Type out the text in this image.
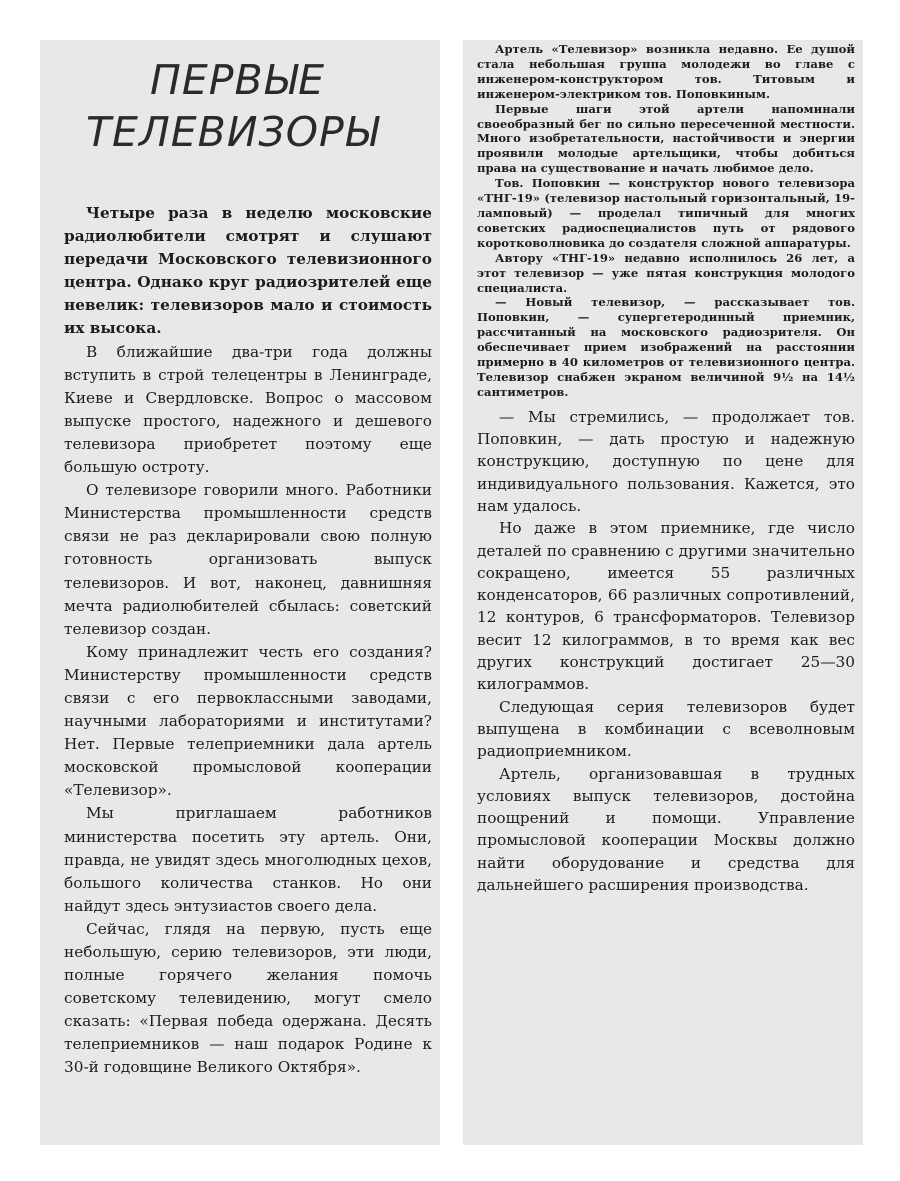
ПЕРВЫЕ
ТЕЛЕВИЗОРЫ

Четыре раза в неделю московские радиолюбители смотрят и слушают передачи Московского телевизионного центра. Однако круг радиозрителей еще невелик: телевизоров мало и стоимость их высока.

В ближайшие два-три года должны вступить в строй телецентры в Ленинграде, Киеве и Свердловске. Вопрос о массовом выпуске простого, надежного и дешевого телевизора приобретет поэтому еще большую остроту.

О телевизоре говорили много. Работники Министерства промышленности средств связи не раз декларировали свою полную готовность организовать выпуск телевизоров. И вот, наконец, давнишняя мечта радиолюбителей сбылась: советский телевизор создан.

Кому принадлежит честь его создания? Министерству промышленности средств связи с его первоклассными заводами, научными лабораториями и институтами? Нет. Первые телеприемники дала артель московской промысловой кооперации «Телевизор».

Мы приглашаем работников министерства посетить эту артель. Они, правда, не увидят здесь многолюдных цехов, большого количества станков. Но они найдут здесь энтузиастов своего дела.

Сейчас, глядя на первую, пусть еще небольшую, серию телевизоров, эти люди, полные горячего желания помочь советскому телевидению, могут смело сказать: «Первая победа одержана. Десять телеприемников — наш подарок Родине к 30-й годовщине Великого Октября».

Артель «Телевизор» возникла недавно. Ее душой стала небольшая группа молодежи во главе с инженером-конструктором тов. Титовым и инженером-электриком тов. Поповкиным.

Первые шаги этой артели напоминали своеобразный бег по сильно пересеченной местности. Много изобретательности, настойчивости и энергии проявили молодые артельщики, чтобы добиться права на существование и начать любимое дело.

Тов. Поповкин — конструктор нового телевизора «ТНГ-19» (телевизор настольный горизонтальный, 19-ламповый) — проделал типичный для многих советских радиоспециалистов путь от рядового коротковолновика до создателя сложной аппаратуры.

Автору «ТНГ-19» недавно исполнилось 26 лет, а этот телевизор — уже пятая конструкция молодого специалиста.

— Новый телевизор, — рассказывает тов. Поповкин, — супергетеродинный приемник, рассчитанный на московского радиозрителя. Он обеспечивает прием изображений на расстоянии примерно в 40 километров от телевизионного центра. Телевизор снабжен экраном величиной 9½ на 14½ сантиметров.

— Мы стремились, — продолжает тов. Поповкин, — дать простую и надежную конструкцию, доступную по цене для индивидуального пользования. Кажется, это нам удалось.

Но даже в этом приемнике, где число деталей по сравнению с другими значительно сокращено, имеется 55 различных конденсаторов, 66 различных сопротивлений, 12 контуров, 6 трансформаторов. Телевизор весит 12 килограммов, в то время как вес других конструкций достигает 25—30 килограммов.

Следующая серия телевизоров будет выпущена в комбинации с всеволновым радиоприемником.

Артель, организовавшая в трудных условиях выпуск телевизоров, достойна поощрений и помощи. Управление промысловой кооперации Москвы должно найти оборудование и средства для дальнейшего расширения производства.
